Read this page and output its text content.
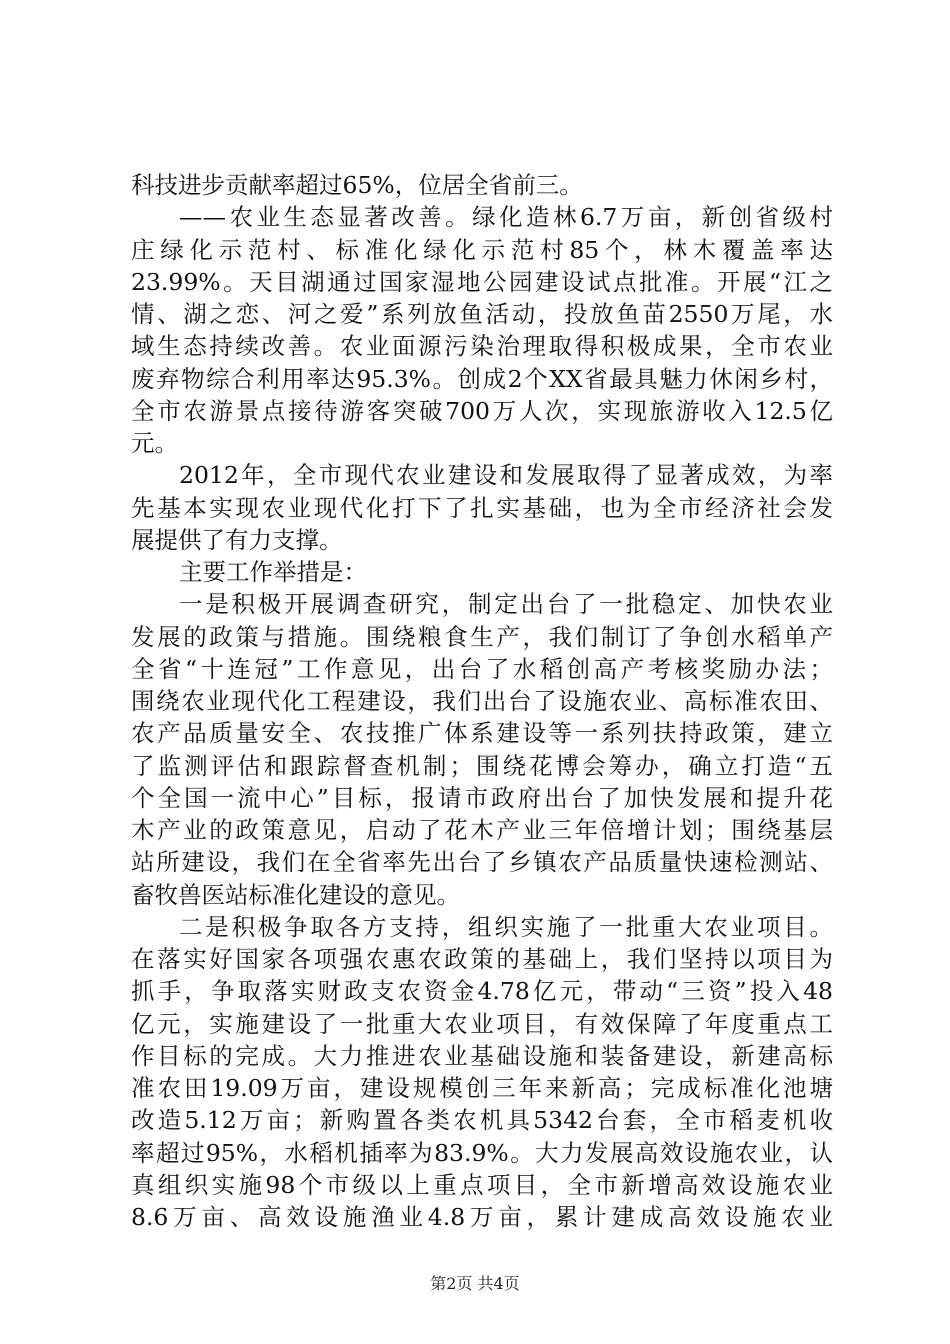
科技进步贡献率超过65%，位居全省前三。
——农业生态显著改善。绿化造林6.7万亩，新创省级村
庄绿化示范村、标准化绿化示范村85个，林木覆盖率达
23.99%。天目湖通过国家湿地公园建设试点批准。开展“江之
情、湖之恋、河之爱”系列放鱼活动，投放鱼苗2550万尾，水
域生态持续改善。农业面源污染治理取得积极成果，全市农业
废弃物综合利用率达95.3%。创成2个XX省最具魅力休闲乡村，
全市农游景点接待游客突破700万人次，实现旅游收入12.5亿
元。
2012年，全市现代农业建设和发展取得了显著成效，为率
先基本实现农业现代化打下了扎实基础，也为全市经济社会发
展提供了有力支撑。
主要工作举措是：
一是积极开展调查研究，制定出台了一批稳定、加快农业
发展的政策与措施。围绕粮食生产，我们制订了争创水稻单产
全省“十连冠”工作意见，出台了水稻创高产考核奖励办法；
围绕农业现代化工程建设，我们出台了设施农业、高标准农田、
农产品质量安全、农技推广体系建设等一系列扶持政策，建立
了监测评估和跟踪督查机制；围绕花博会筹办，确立打造“五
个全国一流中心”目标，报请市政府出台了加快发展和提升花
木产业的政策意见，启动了花木产业三年倍增计划；围绕基层
站所建设，我们在全省率先出台了乡镇农产品质量快速检测站、
畜牧兽医站标准化建设的意见。
二是积极争取各方支持，组织实施了一批重大农业项目。
在落实好国家各项强农惠农政策的基础上，我们坚持以项目为
抓手，争取落实财政支农资金4.78亿元，带动“三资”投入48
亿元，实施建设了一批重大农业项目，有效保障了年度重点工
作目标的完成。大力推进农业基础设施和装备建设，新建高标
准农田19.09万亩，建设规模创三年来新高；完成标准化池塘
改造5.12万亩；新购置各类农机具5342台套，全市稻麦机收
率超过95%，水稻机插率为83.9%。大力发展高效设施农业，认
真组织实施98个市级以上重点项目，全市新增高效设施农业
8.6万亩、高效设施渔业4.8万亩，累计建成高效设施农业
第2页 共4页
